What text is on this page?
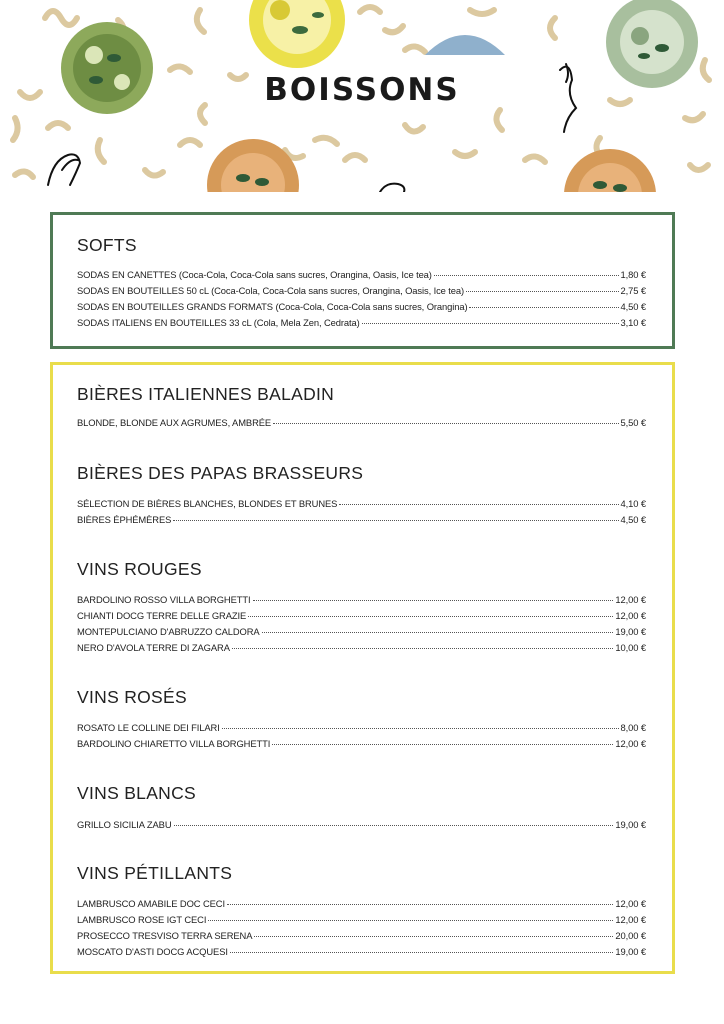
BOISSONS
SOFTS
SODAS EN CANETTES (Coca-Cola, Coca-Cola sans sucres, Orangina, Oasis, Ice tea)	1,80 €
SODAS EN BOUTEILLES 50 cL (Coca-Cola, Coca-Cola sans sucres, Orangina, Oasis, Ice tea)	2,75 €
SODAS EN BOUTEILLES GRANDS FORMATS (Coca-Cola, Coca-Cola sans sucres, Orangina)	4,50 €
SODAS ITALIENS EN BOUTEILLES 33 cL (Cola, Mela Zen, Cedrata)	3,10 €
BIÈRES ITALIENNES BALADIN
BLONDE, BLONDE AUX AGRUMES, AMBRÉE	5,50 €
BIÈRES DES PAPAS BRASSEURS
SÉLECTION DE BIÈRES BLANCHES, BLONDES ET BRUNES	4,10 €
BIÈRES ÉPHÉMÈRES	4,50 €
VINS ROUGES
BARDOLINO ROSSO VILLA BORGHETTI	12,00 €
CHIANTI DOCG TERRE DELLE GRAZIE	12,00 €
MONTEPULCIANO D'ABRUZZO CALDORA	19,00 €
NERO D'AVOLA TERRE DI ZAGARA	10,00 €
VINS ROSÉS
ROSATO LE COLLINE DEI FILARI	8,00 €
BARDOLINO CHIARETTO VILLA BORGHETTI	12,00 €
VINS BLANCS
GRILLO SICILIA ZABU	19,00 €
VINS PÉTILLANTS
LAMBRUSCO AMABILE DOC CECI	12,00 €
LAMBRUSCO ROSE IGT CECI	12,00 €
PROSECCO TRESVISO TERRA SERENA	20,00 €
MOSCATO D'ASTI DOCG ACQUESI	19,00 €
